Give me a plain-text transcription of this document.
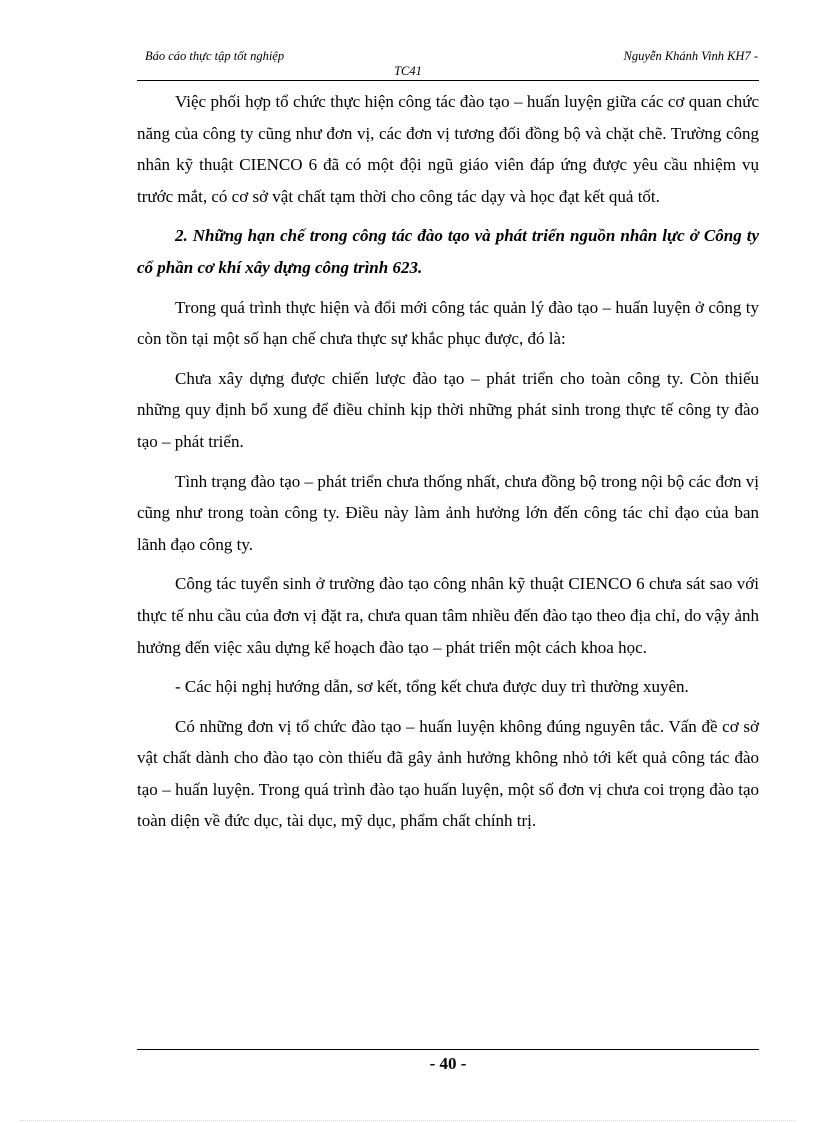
Báo cáo thực tập tốt nghiệp	Nguyễn Khánh Vinh KH7 -
TC41

Việc phối hợp tổ chức thực hiện công tác đào tạo – huấn luyện giữa các cơ quan chức năng của công ty cũng như đơn vị, các đơn vị tương đối đồng bộ và chặt chẽ. Trường công nhân kỹ thuật CIENCO 6 đã có một đội ngũ giáo viên đáp ứng được yêu cầu nhiệm vụ trước mắt, có cơ sở vật chất tạm thời cho công tác dạy và học đạt kết quả tốt.

2. Những hạn chế trong công tác đào tạo và phát triển nguồn nhân lực ở Công ty cổ phần cơ khí xây dựng công trình 623.

Trong quá trình thực hiện và đổi mới công tác quản lý đào tạo – huấn luyện ở công ty còn tồn tại một số hạn chế chưa thực sự khắc phục được, đó là:

Chưa xây dựng được chiến lược đào tạo – phát triển cho toàn công ty. Còn thiếu những quy định bổ xung để điều chỉnh kịp thời những phát sinh trong thực tế công ty đào tạo – phát triển.

Tình trạng đào tạo – phát triển chưa thống nhất, chưa đồng bộ trong nội bộ các đơn vị cũng như trong toàn công ty. Điều này làm ảnh hưởng lớn đến công tác chỉ đạo của ban lãnh đạo công ty.

Công tác tuyển sinh ở trường đào tạo công nhân kỹ thuật CIENCO 6 chưa sát sao với thực tế nhu cầu của đơn vị đặt ra, chưa quan tâm nhiều đến đào tạo theo địa chỉ, do vậy ảnh hưởng đến việc xâu dựng kế hoạch đào tạo – phát triển một cách khoa học.

- Các hội nghị hướng dẫn, sơ kết, tổng kết chưa được duy trì thường xuyên.

Có những đơn vị tổ chức đào tạo – huấn luyện không đúng nguyên tắc. Vấn đề cơ sở vật chất dành cho đào tạo còn thiếu đã gây ảnh hưởng không nhỏ tới kết quả công tác đào tạo – huấn luyện. Trong quá trình đào tạo huấn luyện, một số đơn vị chưa coi trọng đào tạo toàn diện về đức dục, tài dục, mỹ dục, phẩm chất chính trị.

- 40 -
